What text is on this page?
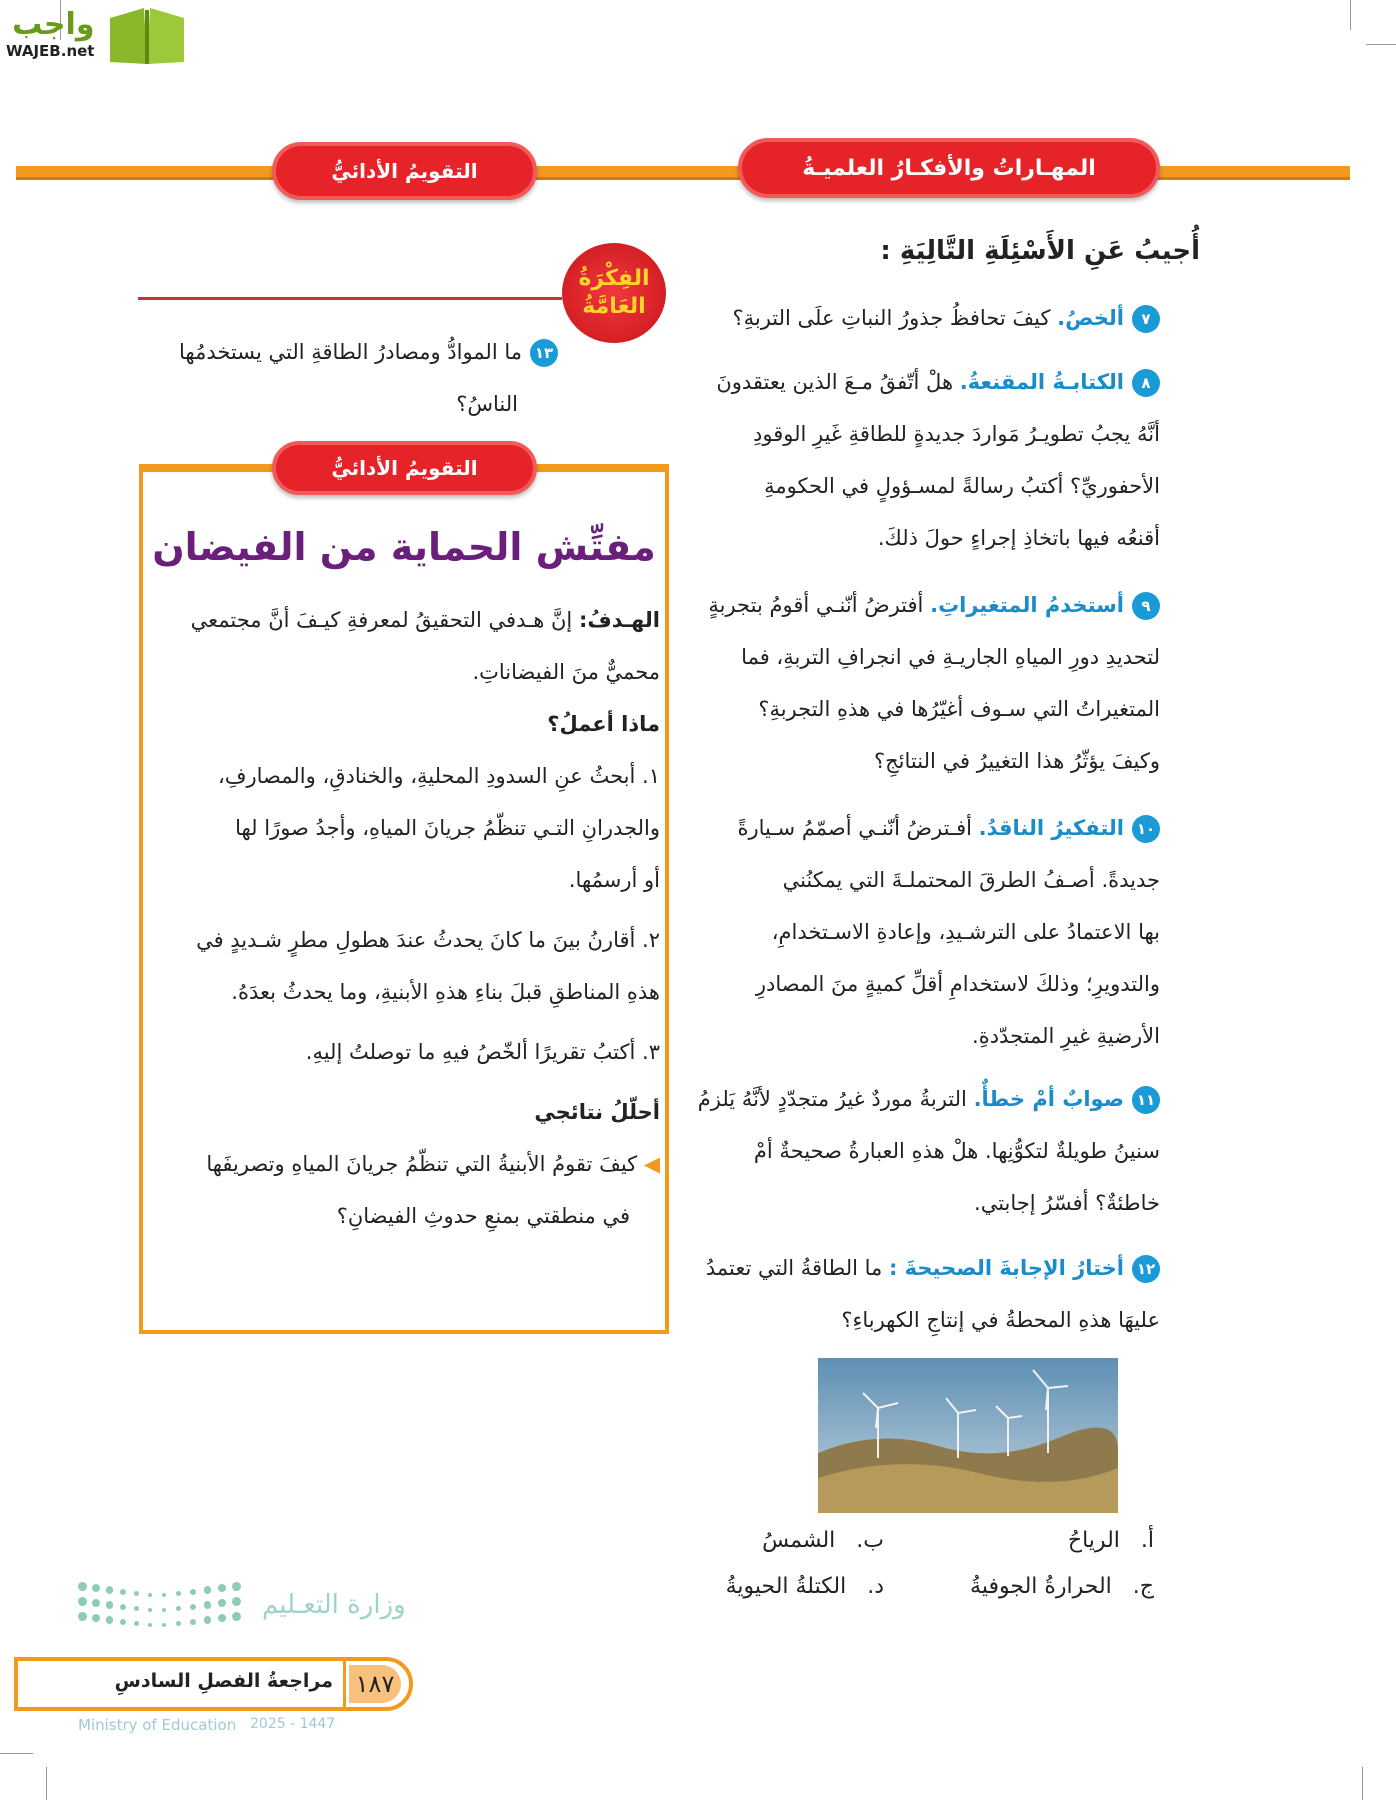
واجب
WAJEB.net
المهـاراتُ والأفكـارُ العلميـةُ
التقويمُ الأدائيُّ
أُجيبُ عَنِ الأَسْئِلَةِ التَّالِيَةِ :
٧ألخصُ. كيفَ تحافظُ جذورُ النباتِ علَى التربةِ؟
٨الكتابـةُ المقنعةُ. هلْ أتّفقُ مـعَ الذين يعتقدونَ
أنَّهُ يجبُ تطويـرُ مَواردَ جديدةٍ للطاقةِ غَيرِ الوقودِ
الأحفوريِّ؟ أكتبُ رسالةً لمسـؤولٍ في الحكومةِ
أقنعُه فيها باتخاذِ إجراءٍ حولَ ذلكَ.
٩أستخدمُ المتغيراتِ. أفترضُ أنّنـي أقومُ بتجربةٍ
لتحديدِ دورِ المياهِ الجاريـةِ في انجرافِ التربةِ، فما
المتغيراتُ التي سـوف أغيّرُها في هذهِ التجربةِ؟
وكيفَ يؤثّرُ هذا التغييرُ في النتائجِ؟
١٠التفكيرُ الناقدُ. أفـترضُ أنّنـي أصمّمُ سـيارةً
جديدةً. أصـفُ الطرقَ المحتملـةَ التي يمكنُني
بها الاعتمادُ على الترشـيدِ، وإعادةِ الاسـتخدامِ،
والتدويرِ؛ وذلكَ لاستخدامِ أقلِّ كميةٍ منَ المصادرِ
الأرضيةِ غيرِ المتجدّدةِ.
١١صوابٌ أمْ خطأٌ. التربةُ موردٌ غيرُ متجدّدٍ لأنَّهُ يَلزمُ
سنينُ طويلةٌ لتكوُّنِها. هلْ هذهِ العبارةُ صحيحةٌ أمْ
خاطئةٌ؟ أفسّرُ إجابتي.
١٢أختارُ الإجابةَ الصحيحةَ : ما الطاقةُ التي تعتمدُ
عليهَا هذهِ المحطةُ في إنتاجِ الكهرباءِ؟
أ. الرياحُ
ب. الشمسُ
ج. الحرارةُ الجوفيةُ
د. الكتلةُ الحيويةُ
الفِكْرَةُ العَامَّةُ
١٣ما الموادُّ ومصادرُ الطاقةِ التي يستخدمُها
الناسُ؟
التقويمُ الأدائيُّ
مفتِّش الحماية من الفيضان
الهـدفُ: إنَّ هـدفي التحقيقُ لمعرفةِ كيـفَ أنَّ مجتمعي
محميٌّ منَ الفيضاناتِ.
ماذا أعملُ؟
١. أبحثُ عنِ السدودِ المحليةِ، والخنادقِ، والمصارفِ،
والجدرانِ التـي تنظّمُ جريانَ المياهِ، وأجدُ صورًا لها
أو أرسمُها.
٢. أقارنُ بينَ ما كانَ يحدثُ عندَ هطولِ مطرٍ شـديدٍ في
هذهِ المناطقِ قبلَ بناءِ هذهِ الأبنيةِ، وما يحدثُ بعدَهُ.
٣. أكتبُ تقريرًا ألخّصُ فيهِ ما توصلتُ إليهِ.
أحلّلُ نتائجي
◀ كيفَ تقومُ الأبنيةُ التي تنظّمُ جريانَ المياهِ وتصريفَها
في منطقتي بمنعِ حدوثِ الفيضانِ؟
١٨٧
مراجعةُ الفصلِ السادسِ
وزارة التعـليم
Ministry of Education 2025 - 1447
